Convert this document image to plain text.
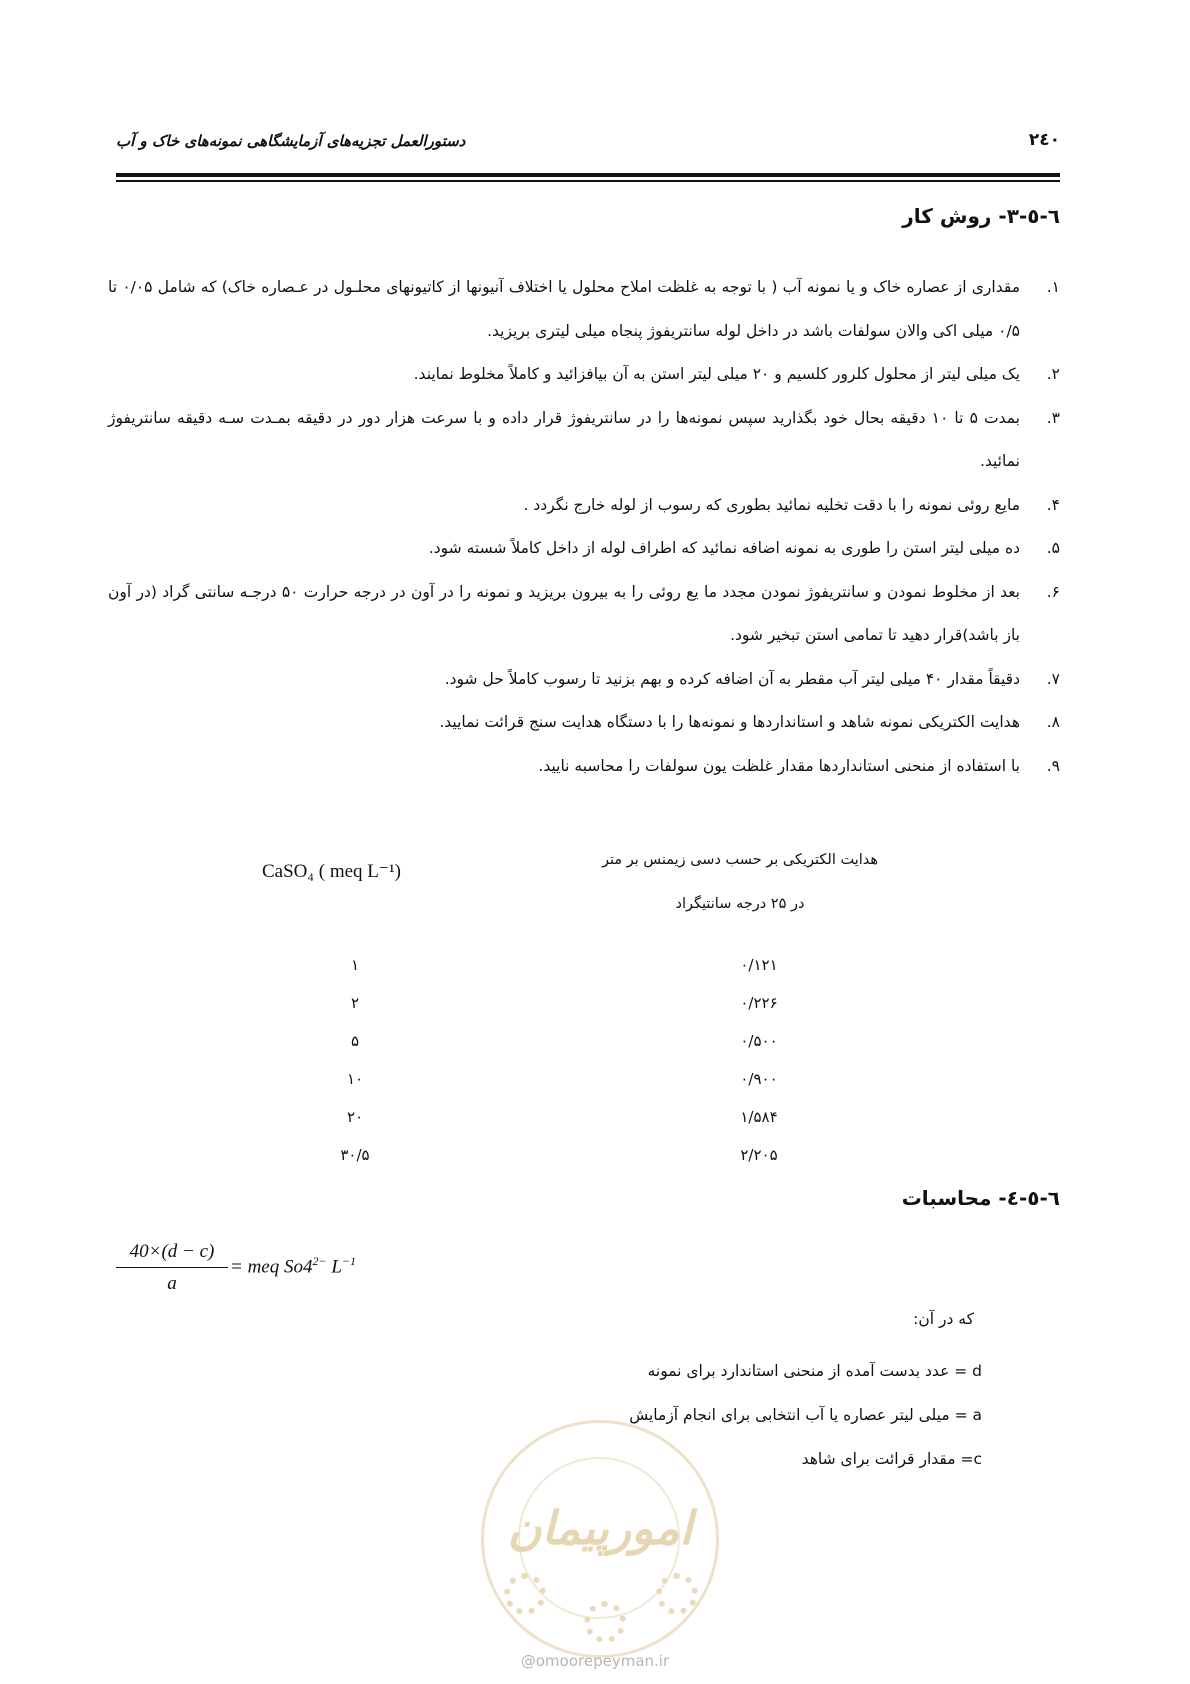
۲٤۰
دستورالعمل تجزیه‌های آزمایشگاهی نمونه‌های خاک و آب
٦-٥-٣- روش کار
۱.
مقداری از عصاره خاک و یا نمونه آب ( با توجه به غلظت املاح محلول یا اختلاف آنیونها از کاتیونهای محلـول در عـصاره خاک) که شامل ۰/۰۵ تا ۰/۵ میلی اکی والان سولفات باشد در داخل لوله سانتریفوژ پنجاه میلی لیتری بریزید.
۲.
یک میلی لیتر از محلول کلرور کلسیم و ۲۰ میلی لیتر استن به آن بیافزائید و کاملاً مخلوط نمایند.
۳.
بمدت ۵ تا ۱۰ دقیقه بحال خود بگذارید سپس نمونه‌ها را در سانتریفوژ قرار داده و با سرعت هزار دور در دقیقه بمـدت سـه دقیقه سانتریفوژ نمائید.
۴.
مایع روئی نمونه را با دقت تخلیه نمائید بطوری که رسوب از لوله خارج نگردد .
۵.
ده میلی لیتر استن را طوری به نمونه اضافه نمائید که اطراف لوله از داخل کاملاً شسته شود.
۶.
بعد از مخلوط نمودن و سانتریفوژ نمودن مجدد ما یع روئی را به بیرون بریزید و نمونه را در آون در درجه حرارت ۵۰ درجـه سانتی گراد (در آون باز باشد)قرار دهید تا تمامی استن تبخیر شود.
۷.
دقیقاً مقدار ۴۰ میلی لیتر آب مقطر به آن اضافه کرده و بهم بزنید تا رسوب کاملاً حل شود.
۸.
هدایت الکتریکی نمونه شاهد و استانداردها و نمونه‌ها را با دستگاه هدایت سنج قرائت نمایید.
۹.
با استفاده از منحنی استانداردها مقدار غلظت یون سولفات را محاسبه نایید.
هدایت الکتریکی بر حسب دسی زیمنس بر متر
در ۲۵ درجه سانتیگراد
CaSO₄ ( meq L⁻¹)
۱	۰/۱۲۱
۲	۰/۲۲۶
۵	۰/۵۰۰
۱۰	۰/۹۰۰
۲۰	۱/۵۸۴
۳۰/۵	۲/۲۰۵
٦-٥-٤- محاسبات
40×(d − c)
a
= meq $So4^{2-}$ $L^{-1}$
که در آن:
d = عدد بدست آمده از منحنی استاندارد برای نمونه
a = میلی لیتر عصاره یا آب انتخابی برای انجام آزمایش
c= مقدار قرائت برای شاهد
امورپیمان
@omoorepeyman.ir
